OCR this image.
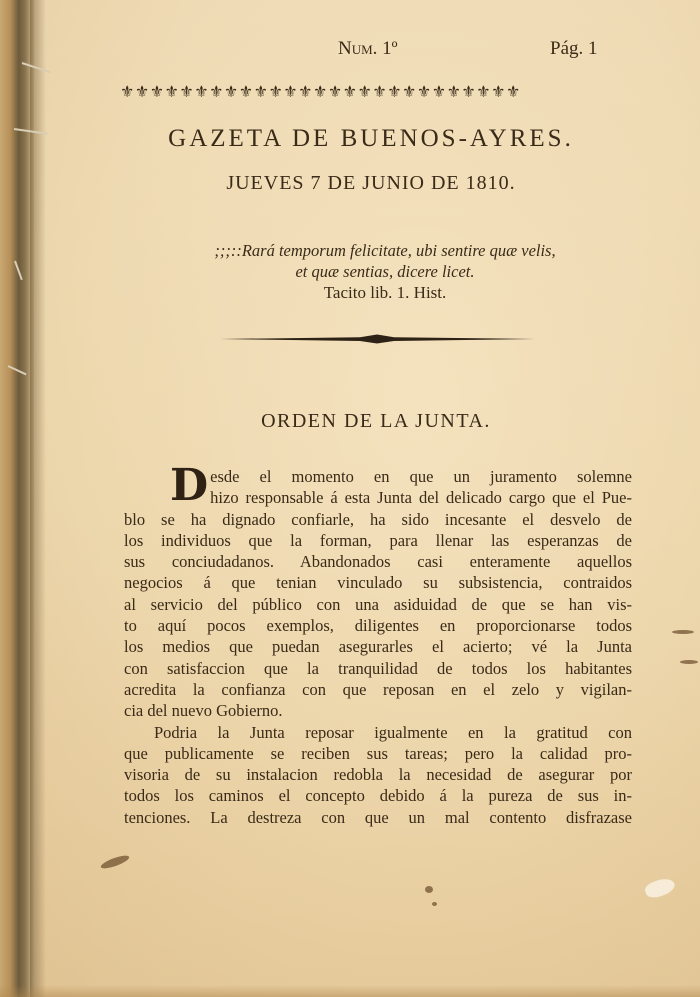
Num. 1º	Pág. 1
⚜⚜⚜⚜⚜⚜⚜⚜⚜⚜⚜⚜⚜⚜⚜⚜⚜⚜⚜⚜⚜⚜⚜⚜⚜⚜⚜
GAZETA DE BUENOS-AYRES.
JUEVES 7 DE JUNIO DE 1810.
;;;::Rará temporum felicitate, ubi sentire quæ velis,
et quæ sentias, dicere licet.
Tacito lib. 1. Hist.
ORDEN DE LA JUNTA.

D esde el momento en que un juramento solemne
hizo responsable á esta Junta del delicado cargo que el Pue-
blo se ha dignado confiarle, ha sido incesante el desvelo de
los individuos que la forman, para llenar las esperanzas de
sus conciudadanos. Abandonados casi enteramente aquellos
negocios á que tenian vinculado su subsistencia, contraidos
al servicio del público con una asiduidad de que se han vis-
to aquí pocos exemplos, diligentes en proporcionarse todos
los medios que puedan asegurarles el acierto; vé la Junta
con satisfaccion que la tranquilidad de todos los habitantes
acredita la confianza con que reposan en el zelo y vigilan-
cia del nuevo Gobierno.

Podria la Junta reposar igualmente en la gratitud con
que publicamente se reciben sus tareas; pero la calidad pro-
visoria de su instalacion redobla la necesidad de asegurar por
todos los caminos el concepto debido á la pureza de sus in-
tenciones. La destreza con que un mal contento disfrazase
